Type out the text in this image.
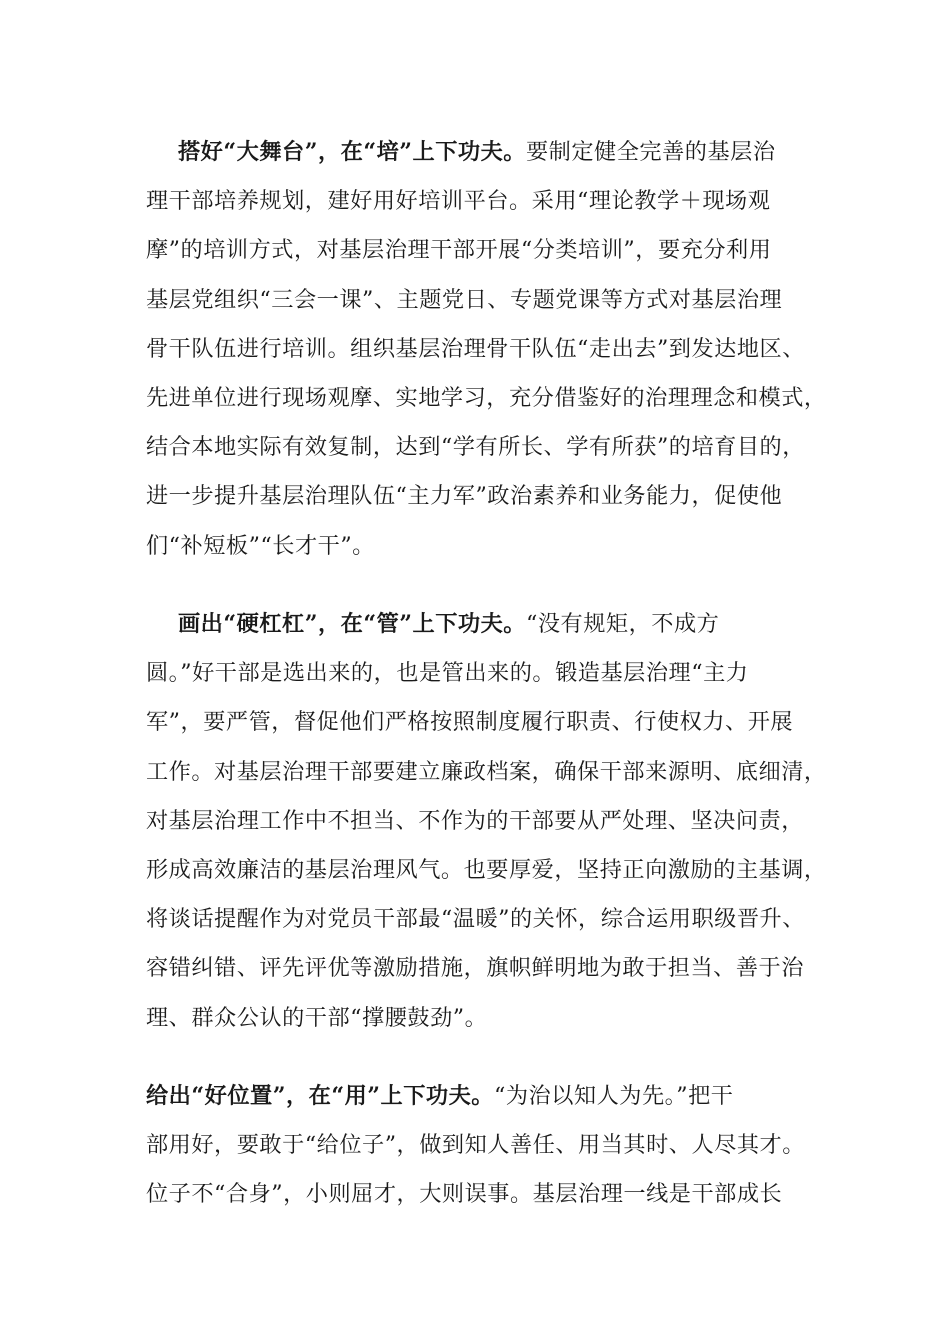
搭好“大舞台”，在“培”上下功夫。要制定健全完善的基层治
理干部培养规划，建好用好培训平台。采用“理论教学＋现场观
摩”的培训方式，对基层治理干部开展“分类培训”，要充分利用
基层党组织“三会一课”、主题党日、专题党课等方式对基层治理
骨干队伍进行培训。组织基层治理骨干队伍“走出去”到发达地区、
先进单位进行现场观摩、实地学习，充分借鉴好的治理理念和模式，
结合本地实际有效复制，达到“学有所长、学有所获”的培育目的，
进一步提升基层治理队伍“主力军”政治素养和业务能力，促使他
们“补短板”“长才干”。
画出“硬杠杠”，在“管”上下功夫。“没有规矩，不成方
圆。”好干部是选出来的，也是管出来的。锻造基层治理“主力
军”，要严管，督促他们严格按照制度履行职责、行使权力、开展
工作。对基层治理干部要建立廉政档案，确保干部来源明、底细清，
对基层治理工作中不担当、不作为的干部要从严处理、坚决问责，
形成高效廉洁的基层治理风气。也要厚爱，坚持正向激励的主基调，
将谈话提醒作为对党员干部最“温暖”的关怀，综合运用职级晋升、
容错纠错、评先评优等激励措施，旗帜鲜明地为敢于担当、善于治
理、群众公认的干部“撑腰鼓劲”。
给出“好位置”，在“用”上下功夫。“为治以知人为先。”把干
部用好，要敢于“给位子”，做到知人善任、用当其时、人尽其才。
位子不“合身”，小则屈才，大则误事。基层治理一线是干部成长
